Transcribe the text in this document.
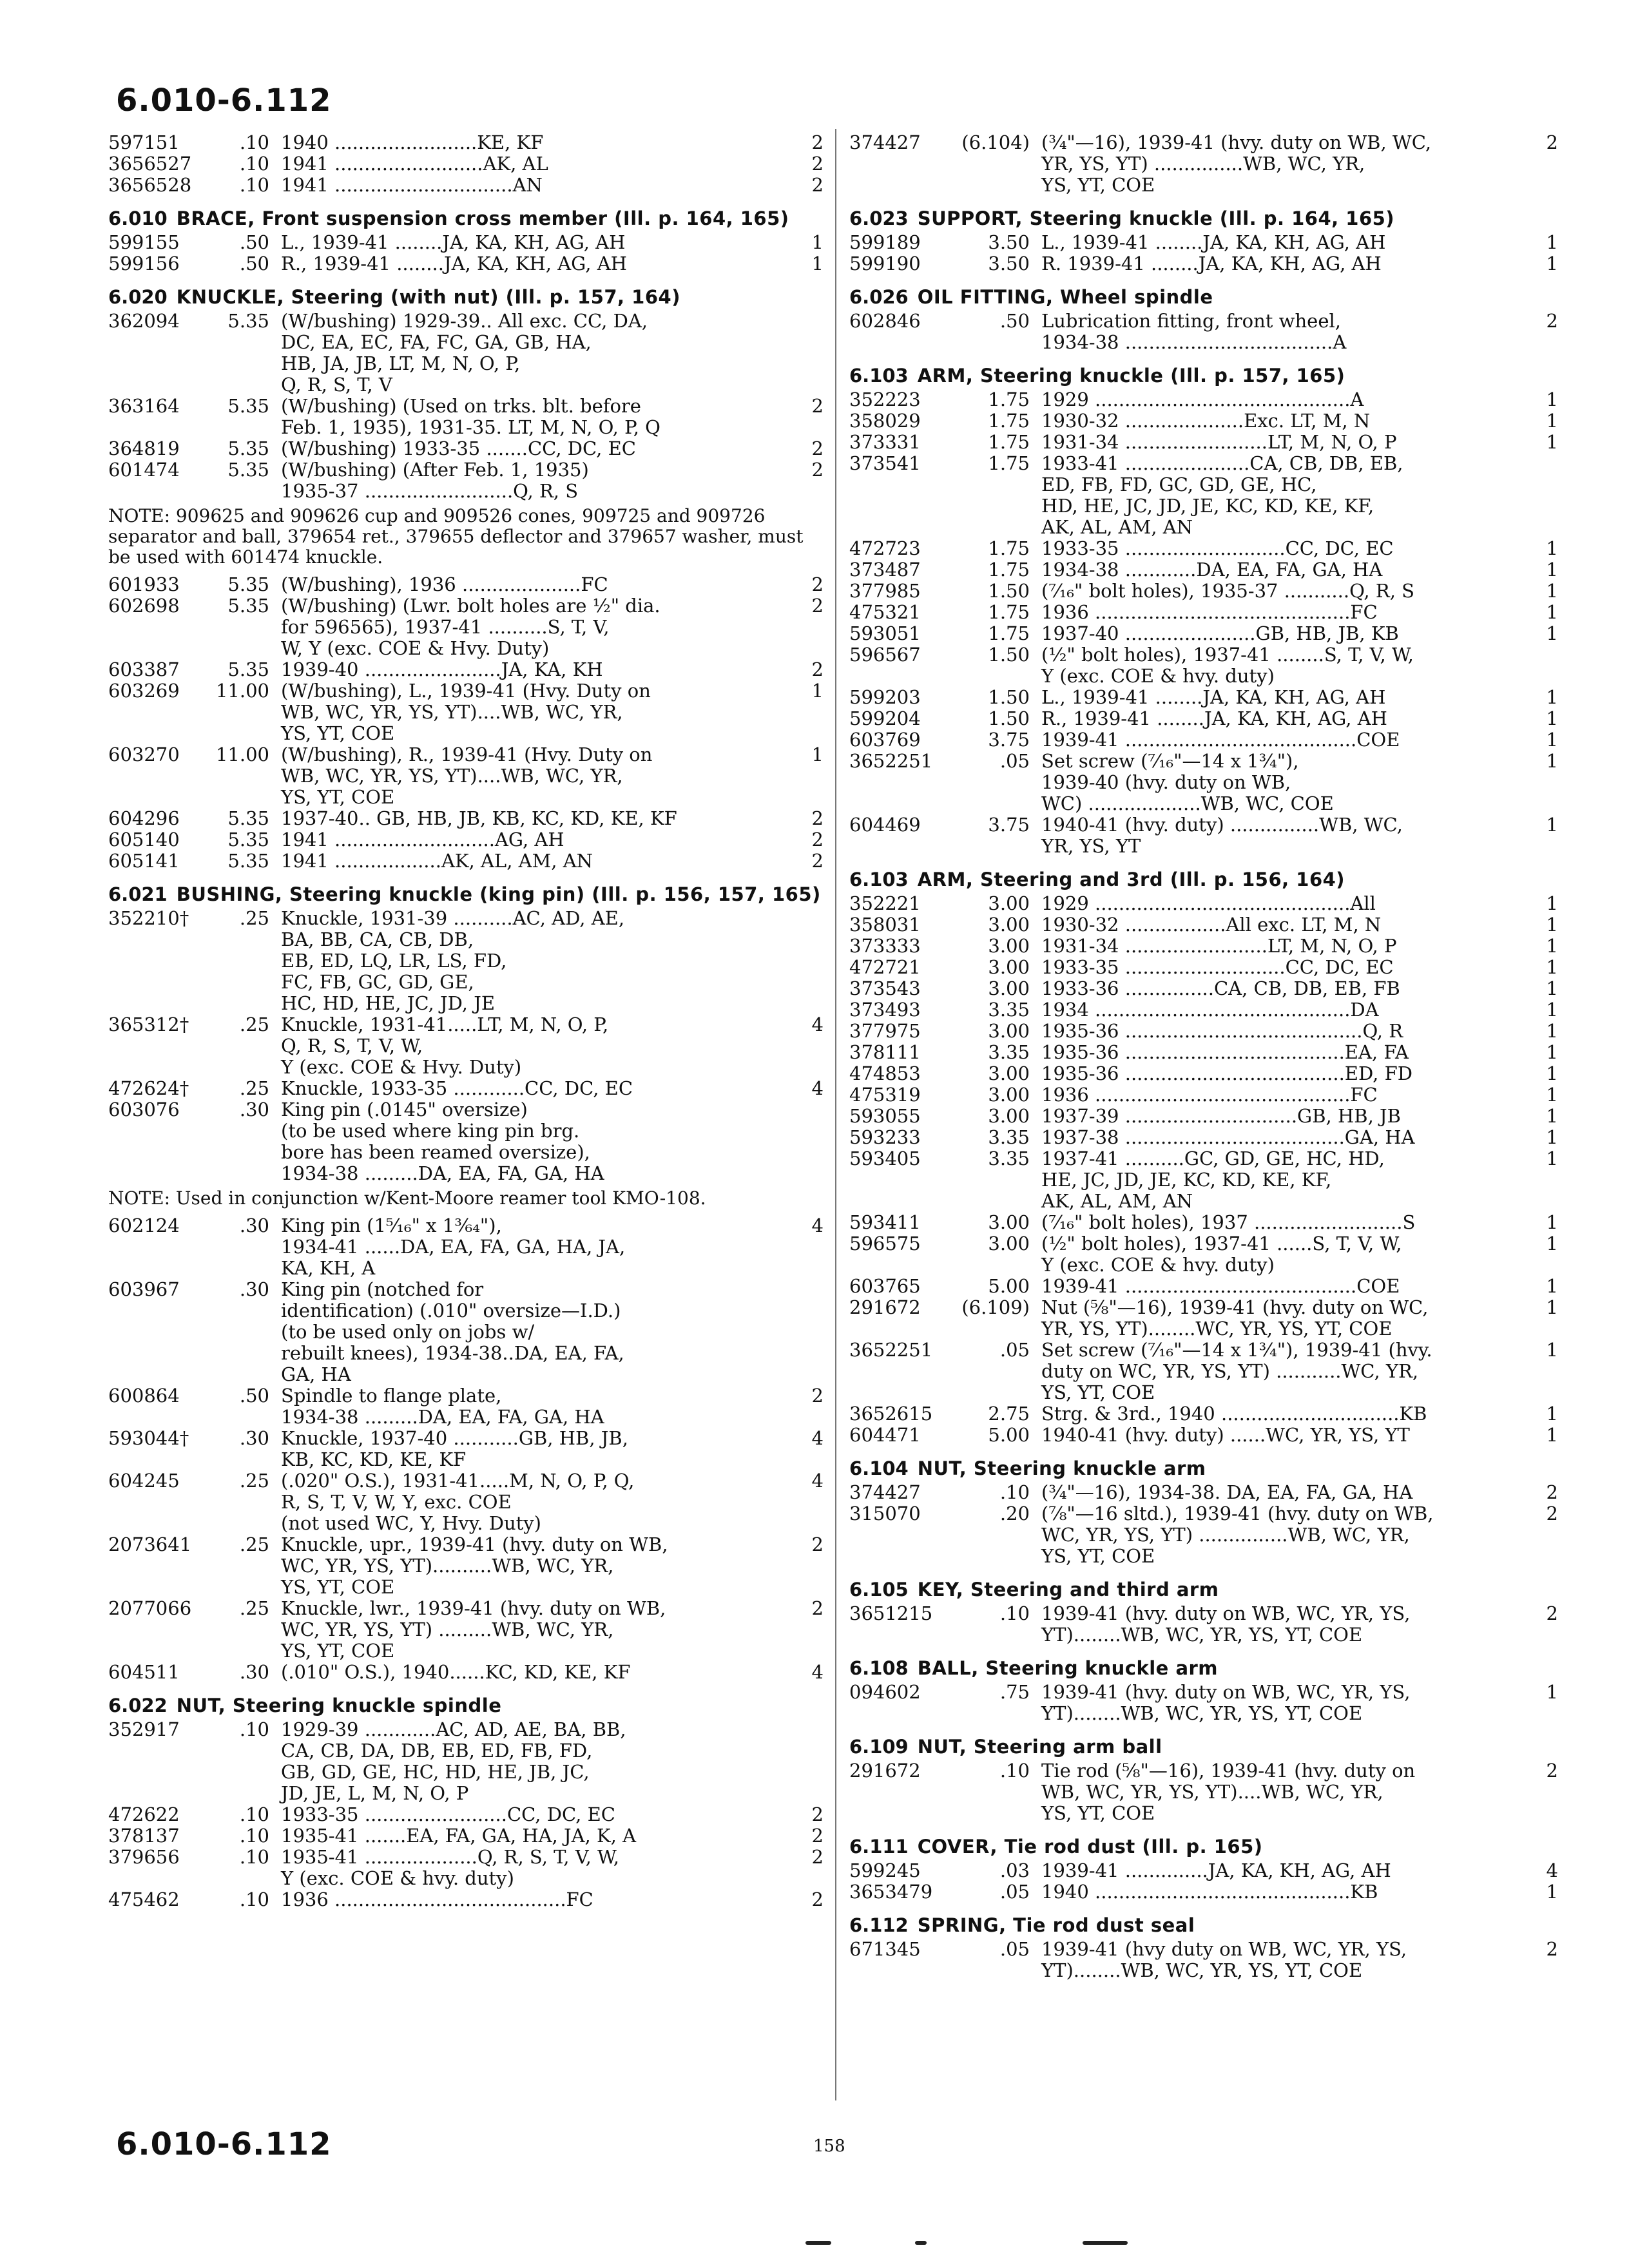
6.010-6.112
597151	.10 1940 ........................KE, KF	2
3656527	.10 1941 .........................AK, AL	2
3656528	.10 1941 ..............................AN	2
6.010 BRACE, Front suspension cross member (Ill. p. 164, 165)
599155	.50 L., 1939-41 ........JA, KA, KH, AG, AH	1
599156	.50 R., 1939-41 ........JA, KA, KH, AG, AH	1
6.020 KNUCKLE, Steering (with nut) (Ill. p. 157, 164)
362094	5.35 (W/bushing) 1929-39.. All exc. CC, DA,
DC, EA, EC, FA, FC, GA, GB, HA,
HB, JA, JB, LT, M, N, O, P,
Q, R, S, T, V
363164	5.35 (W/bushing) (Used on trks. blt. before
Feb. 1, 1935), 1931-35. LT, M, N, O, P, Q
2
364819	5.35 (W/bushing) 1933-35 .......CC, DC, EC	2
601474	5.35 (W/bushing) (After Feb. 1, 1935)
1935-37 .........................Q, R, S
2
NOTE: 909625 and 909626 cup and 909526 cones, 909725 and 909726 separator and ball, 379654 ret., 379655 deflector and 379657 washer, must be used with 601474 knuckle.
601933	5.35 (W/bushing), 1936 ....................FC	2
602698	5.35 (W/bushing) (Lwr. bolt holes are ½" dia.
for 596565), 1937-41 ..........S, T, V,
W, Y (exc. COE & Hvy. Duty)
2
603387	5.35 1939-40 .......................JA, KA, KH	2
603269	11.00 (W/bushing), L., 1939-41 (Hvy. Duty on
WB, WC, YR, YS, YT)....WB, WC, YR,
YS, YT, COE
1
603270	11.00 (W/bushing), R., 1939-41 (Hvy. Duty on
WB, WC, YR, YS, YT)....WB, WC, YR,
YS, YT, COE
1
604296	5.35 1937-40.. GB, HB, JB, KB, KC, KD, KE, KF	2
605140	5.35 1941 ...........................AG, AH	2
605141	5.35 1941 ..................AK, AL, AM, AN	2
6.021 BUSHING, Steering knuckle (king pin) (Ill. p. 156, 157, 165)
352210†	.25 Knuckle, 1931-39 ..........AC, AD, AE,
BA, BB, CA, CB, DB,
EB, ED, LQ, LR, LS, FD,
FC, FB, GC, GD, GE,
HC, HD, HE, JC, JD, JE
365312†	.25 Knuckle, 1931-41.....LT, M, N, O, P,
Q, R, S, T, V, W,
Y (exc. COE & Hvy. Duty)
4
472624†	.25 Knuckle, 1933-35 ............CC, DC, EC	4
603076	.30 King pin (.0145" oversize)
(to be used where king pin brg.
bore has been reamed oversize),
1934-38 .........DA, EA, FA, GA, HA
NOTE: Used in conjunction w/Kent-Moore reamer tool KMO-108.
602124	.30 King pin (1⁵⁄₁₆" x 1³⁄₆₄"),
1934-41 ......DA, EA, FA, GA, HA, JA,
KA, KH, A
4
603967	.30 King pin (notched for
identification) (.010" oversize—I.D.)
(to be used only on jobs w/
rebuilt knees), 1934-38..DA, EA, FA,
GA, HA
600864	.50 Spindle to flange plate,
1934-38 .........DA, EA, FA, GA, HA
2
593044†	.30 Knuckle, 1937-40 ...........GB, HB, JB,
KB, KC, KD, KE, KF
4
604245	.25 (.020" O.S.), 1931-41.....M, N, O, P, Q,
R, S, T, V, W, Y, exc. COE
(not used WC, Y, Hvy. Duty)
4
2073641	.25 Knuckle, upr., 1939-41 (hvy. duty on WB,
WC, YR, YS, YT)..........WB, WC, YR,
YS, YT, COE
2
2077066	.25 Knuckle, lwr., 1939-41 (hvy. duty on WB,
WC, YR, YS, YT) .........WB, WC, YR,
YS, YT, COE
2
604511	.30 (.010" O.S.), 1940......KC, KD, KE, KF	4
6.022 NUT, Steering knuckle spindle
352917	.10 1929-39 ............AC, AD, AE, BA, BB,
CA, CB, DA, DB, EB, ED, FB, FD,
GB, GD, GE, HC, HD, HE, JB, JC,
JD, JE, L, M, N, O, P
472622	.10 1933-35 ........................CC, DC, EC	2
378137	.10 1935-41 .......EA, FA, GA, HA, JA, K, A	2
379656	.10 1935-41 ...................Q, R, S, T, V, W,
Y (exc. COE & hvy. duty)
2
475462	.10 1936 .......................................FC	2
374427	(6.104) (¾"—16), 1939-41 (hvy. duty on WB, WC,
YR, YS, YT) ...............WB, WC, YR,
YS, YT, COE
2
6.023 SUPPORT, Steering knuckle (Ill. p. 164, 165)
599189	3.50 L., 1939-41 ........JA, KA, KH, AG, AH	1
599190	3.50 R. 1939-41 ........JA, KA, KH, AG, AH	1
6.026 OIL FITTING, Wheel spindle
602846	.50 Lubrication fitting, front wheel,
1934-38 ...................................A
2
6.103 ARM, Steering knuckle (Ill. p. 157, 165)
352223	1.75 1929 ...........................................A	1
358029	1.75 1930-32 ....................Exc. LT, M, N	1
373331	1.75 1931-34 ........................LT, M, N, O, P	1
373541	1.75 1933-41 .....................CA, CB, DB, EB,
ED, FB, FD, GC, GD, GE, HC,
HD, HE, JC, JD, JE, KC, KD, KE, KF,
AK, AL, AM, AN
472723	1.75 1933-35 ...........................CC, DC, EC	1
373487	1.75 1934-38 ............DA, EA, FA, GA, HA	1
377985	1.50 (⁷⁄₁₆" bolt holes), 1935-37 ...........Q, R, S	1
475321	1.75 1936 ...........................................FC	1
593051	1.75 1937-40 ......................GB, HB, JB, KB	1
596567	1.50 (½" bolt holes), 1937-41 ........S, T, V, W,
Y (exc. COE & hvy. duty)
599203	1.50 L., 1939-41 ........JA, KA, KH, AG, AH	1
599204	1.50 R., 1939-41 ........JA, KA, KH, AG, AH	1
603769	3.75 1939-41 .......................................COE	1
3652251	.05 Set screw (⁷⁄₁₆"—14 x 1¾"),
1939-40 (hvy. duty on WB,
WC) ...................WB, WC, COE
1
604469	3.75 1940-41 (hvy. duty) ...............WB, WC,
YR, YS, YT
1
6.103 ARM, Steering and 3rd (Ill. p. 156, 164)
352221	3.00 1929 ...........................................All	1
358031	3.00 1930-32 .................All exc. LT, M, N	1
373333	3.00 1931-34 ........................LT, M, N, O, P	1
472721	3.00 1933-35 ...........................CC, DC, EC	1
373543	3.00 1933-36 ...............CA, CB, DB, EB, FB	1
373493	3.35 1934 ...........................................DA	1
377975	3.00 1935-36 ........................................Q, R	1
378111	3.35 1935-36 .....................................EA, FA	1
474853	3.00 1935-36 .....................................ED, FD	1
475319	3.00 1936 ...........................................FC	1
593055	3.00 1937-39 .............................GB, HB, JB	1
593233	3.35 1937-38 .....................................GA, HA	1
593405	3.35 1937-41 ..........GC, GD, GE, HC, HD,
HE, JC, JD, JE, KC, KD, KE, KF,
AK, AL, AM, AN
1
593411	3.00 (⁷⁄₁₆" bolt holes), 1937 .........................S	1
596575	3.00 (½" bolt holes), 1937-41 ......S, T, V, W,
Y (exc. COE & hvy. duty)
1
603765	5.00 1939-41 .......................................COE	1
291672	(6.109) Nut (⅝"—16), 1939-41 (hvy. duty on WC,
YR, YS, YT)........WC, YR, YS, YT, COE
1
3652251	.05 Set screw (⁷⁄₁₆"—14 x 1¾"), 1939-41 (hvy.
duty on WC, YR, YS, YT) ...........WC, YR,
YS, YT, COE
1
3652615	2.75 Strg. & 3rd., 1940 ..............................KB	1
604471	5.00 1940-41 (hvy. duty) ......WC, YR, YS, YT	1
6.104 NUT, Steering knuckle arm
374427	.10 (¾"—16), 1934-38. DA, EA, FA, GA, HA	2
315070	.20 (⅞"—16 sltd.), 1939-41 (hvy. duty on WB,
WC, YR, YS, YT) ...............WB, WC, YR,
YS, YT, COE
2
6.105 KEY, Steering and third arm
3651215	.10 1939-41 (hvy. duty on WB, WC, YR, YS,
YT)........WB, WC, YR, YS, YT, COE
2
6.108 BALL, Steering knuckle arm
094602	.75 1939-41 (hvy. duty on WB, WC, YR, YS,
YT)........WB, WC, YR, YS, YT, COE
1
6.109 NUT, Steering arm ball
291672	.10 Tie rod (⅝"—16), 1939-41 (hvy. duty on
WB, WC, YR, YS, YT)....WB, WC, YR,
YS, YT, COE
2
6.111 COVER, Tie rod dust (Ill. p. 165)
599245	.03 1939-41 ..............JA, KA, KH, AG, AH	4
3653479	.05 1940 ...........................................KB	1
6.112 SPRING, Tie rod dust seal
671345	.05 1939-41 (hvy duty on WB, WC, YR, YS,
YT)........WB, WC, YR, YS, YT, COE
2
6.010-6.112	158
